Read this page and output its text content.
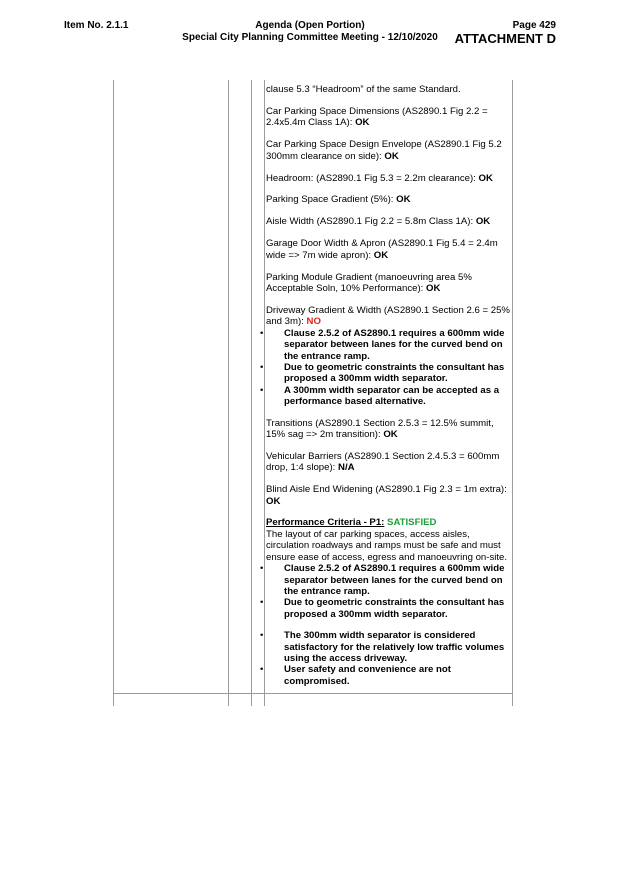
Item No. 2.1.1	Agenda (Open Portion)
Special City Planning Committee Meeting - 12/10/2020
Page 429
ATTACHMENT D

clause 5.3 “Headroom” of the same Standard.

Car Parking Space Dimensions (AS2890.1 Fig 2.2 = 2.4x5.4m Class 1A): OK

Car Parking Space Design Envelope (AS2890.1 Fig 5.2 300mm clearance on side): OK

Headroom: (AS2890.1 Fig 5.3 = 2.2m clearance): OK

Parking Space Gradient (5%): OK

Aisle Width (AS2890.1 Fig 2.2 = 5.8m Class 1A): OK

Garage Door Width & Apron (AS2890.1 Fig 5.4 = 2.4m wide => 7m wide apron): OK

Parking Module Gradient (manoeuvring area 5% Acceptable Soln, 10% Performance): OK

Driveway Gradient & Width (AS2890.1 Section 2.6 = 25% and 3m): NO

• Clause 2.5.2 of AS2890.1 requires a 600mm wide separator between lanes for the curved bend on the entrance ramp.
• Due to geometric constraints the consultant has proposed a 300mm width separator.
• A 300mm width separator can be accepted as a performance based alternative.

Transitions (AS2890.1 Section 2.5.3 = 12.5% summit, 15% sag => 2m transition): OK

Vehicular Barriers (AS2890.1 Section 2.4.5.3 = 600mm drop, 1:4 slope): N/A

Blind Aisle End Widening (AS2890.1 Fig 2.3 = 1m extra): OK

Performance Criteria - P1: SATISFIED
The layout of car parking spaces, access aisles, circulation roadways and ramps must be safe and must ensure ease of access, egress and manoeuvring on-site.

• Clause 2.5.2 of AS2890.1 requires a 600mm wide separator between lanes for the curved bend on the entrance ramp.
• Due to geometric constraints the consultant has proposed a 300mm width separator.
• The 300mm width separator is considered satisfactory for the relatively low traffic volumes using the access driveway.
• User safety and convenience are not compromised.
